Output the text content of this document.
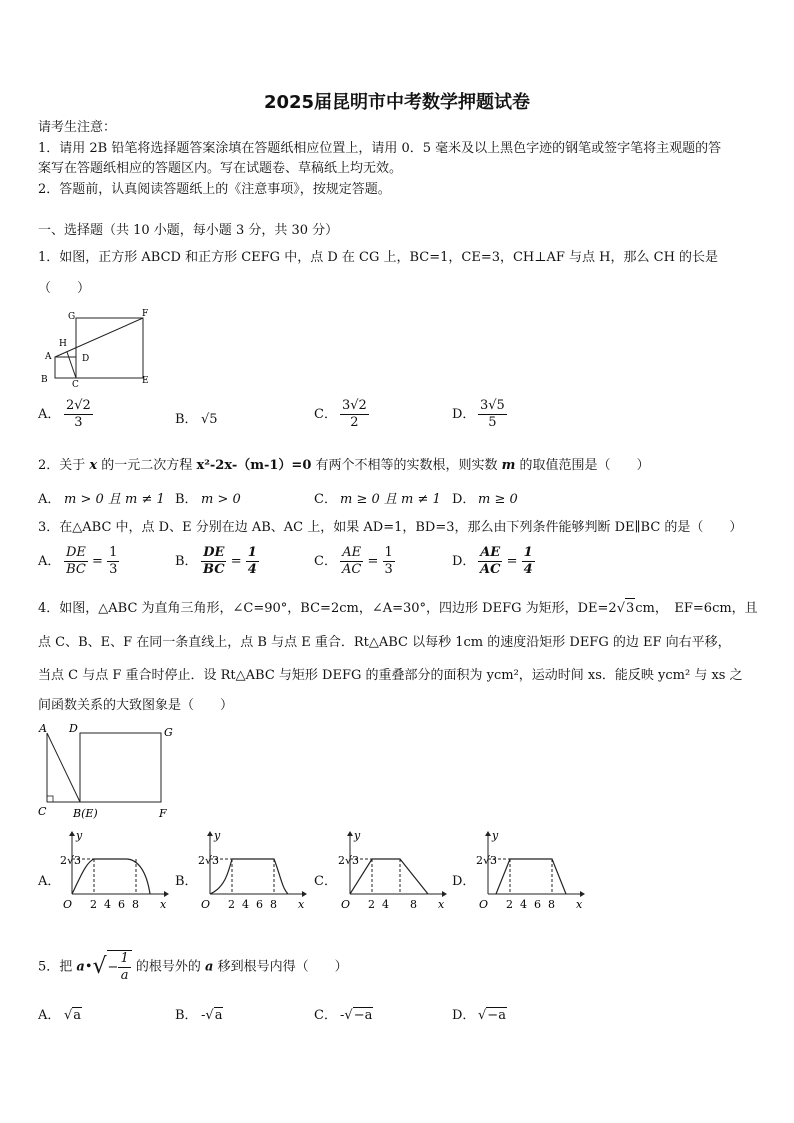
2025届昆明市中考数学押题试卷
请考生注意：
1．请用 2B 铅笔将选择题答案涂填在答题纸相应位置上，请用 0．5 毫米及以上黑色字迹的钢笔或签字笔将主观题的答
案写在答题纸相应的答题区内。写在试题卷、草稿纸上均无效。
2．答题前，认真阅读答题纸上的《注意事项》，按规定答题。
一、选择题（共 10 小题，每小题 3 分，共 30 分）
1．如图，正方形 ABCD 和正方形 CEFG 中，点 D 在 CG 上，BC=1，CE=3，CH⊥AF 与点 H，那么 CH 的长是
（　　）
G	F
H
A	D
B	C	E
A． $\frac{2√2}{3}$	B． √5	C． $\frac{3√2}{2}$	D． $\frac{3√5}{5}$
2．关于 x 的一元二次方程 x²-2x-（m-1）=0 有两个不相等的实数根，则实数 m 的取值范围是（　　）
A． m > 0 且 m ≠ 1 B． m > 0	C． m ≥ 0 且 m ≠ 1 D． m ≥ 0
3．在△ABC 中，点 D、E 分别在边 AB、AC 上，如果 AD=1，BD=3，那么由下列条件能够判断 DE∥BC 的是（　　）
A． $\frac{DE}{BC} = \frac{1}{3}$	B． $\frac{DE}{BC} = \frac{1}{4}$	C． $\frac{AE}{AC} = \frac{1}{3}$	D． $\frac{AE}{AC} = \frac{1}{4}$
4．如图，△ABC 为直角三角形，∠C=90°，BC=2cm，∠A=30°，四边形 DEFG 为矩形，DE=2√3cm，　EF=6cm，且
点 C、B、E、F 在同一条直线上，点 B 与点 E 重合．Rt△ABC 以每秒 1cm 的速度沿矩形 DEFG 的边 EF 向右平移，
当点 C 与点 F 重合时停止．设 Rt△ABC 与矩形 DEFG 的重叠部分的面积为 ycm²，运动时间 xs．能反映 ycm² 与 xs 之
间函数关系的大致图象是（　　）
A D	G
C B(E)	F
A．	B．	C．	D．
y
2√3
O 2 4 6 8 x
y
2√3
O 2 4 6 8 x
y
2√3
O 2 4 8 x
y
2√3
O 2 4 6 8 x
5．把 a•√− $\frac{1}{a}$ 的根号外的 a 移到根号内得（　　）
A． √a	B． -√a	C． -√−a	D． √−a
